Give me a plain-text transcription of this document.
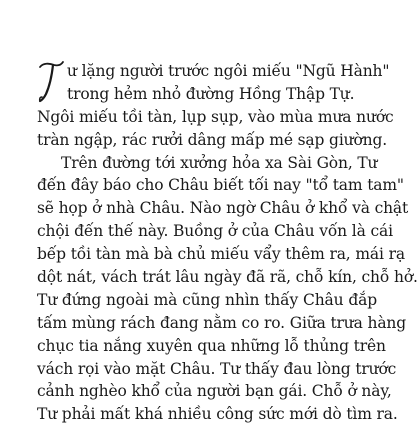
ư lặng người trước ngôi miếu "Ngũ Hành"
trong hẻm nhỏ đường Hồng Thập Tự.
Ngôi miếu tồi tàn, lụp sụp, vào mùa mưa nước
tràn ngập, rác rưởi dâng mấp mé sạp giường.
Trên đường tới xưởng hỏa xa Sài Gòn, Tư
đến đây báo cho Châu biết tối nay "tổ tam tam"
sẽ họp ở nhà Châu. Nào ngờ Châu ở khổ và chật
chội đến thế này. Buồng ở của Châu vốn là cái
bếp tồi tàn mà bà chủ miếu vẩy thêm ra, mái rạ
dột nát, vách trát lâu ngày đã rã, chỗ kín, chỗ hở.
Tư đứng ngoài mà cũng nhìn thấy Châu đắp
tấm mùng rách đang nằm co ro. Giữa trưa hàng
chục tia nắng xuyên qua những lỗ thủng trên
vách rọi vào mặt Châu. Tư thấy đau lòng trước
cảnh nghèo khổ của người bạn gái. Chỗ ở này,
Tư phải mất khá nhiều công sức mới dò tìm ra.
